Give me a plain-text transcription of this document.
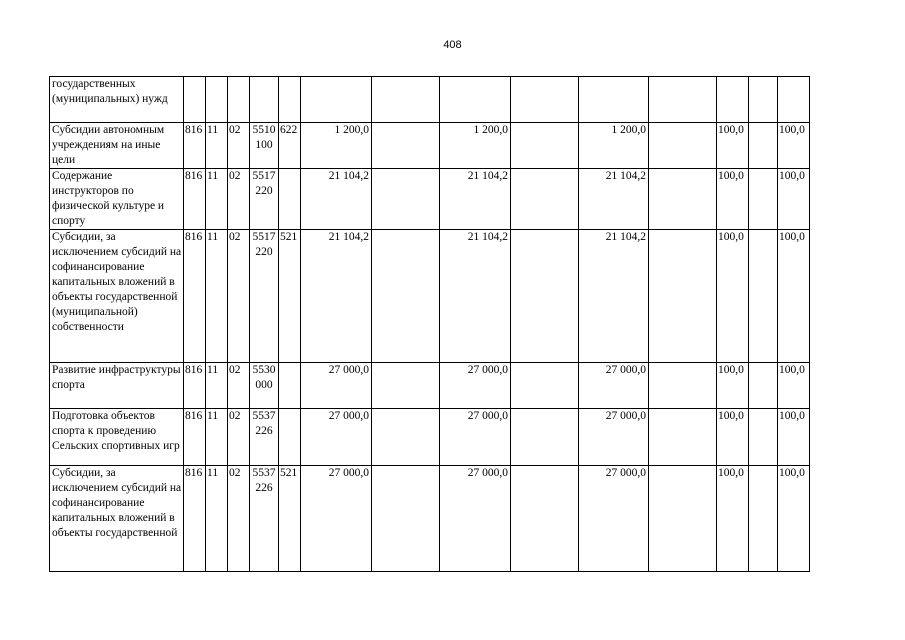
408
государственных (муниципальных) нужд														
Субсидии автономным учреждениям на иные цели	816	11	02	5510 100	622	1 200,0		1 200,0		1 200,0		100,0		100,0
Содержание инструкторов по физической культуре и спорту	816	11	02	5517 220		21 104,2		21 104,2		21 104,2		100,0		100,0
Субсидии, за исключением субсидий на софинансирование капитальных вложений в объекты государственной (муниципальной) собственности	816	11	02	5517 220	521	21 104,2		21 104,2		21 104,2		100,0		100,0
Развитие инфраструктуры спорта	816	11	02	5530 000		27 000,0		27 000,0		27 000,0		100,0		100,0
Подготовка объектов спорта к проведению Сельских спортивных игр	816	11	02	5537 226		27 000,0		27 000,0		27 000,0		100,0		100,0
Субсидии, за исключением субсидий на софинансирование капитальных вложений в объекты государственной	816	11	02	5537 226	521	27 000,0		27 000,0		27 000,0		100,0		100,0
